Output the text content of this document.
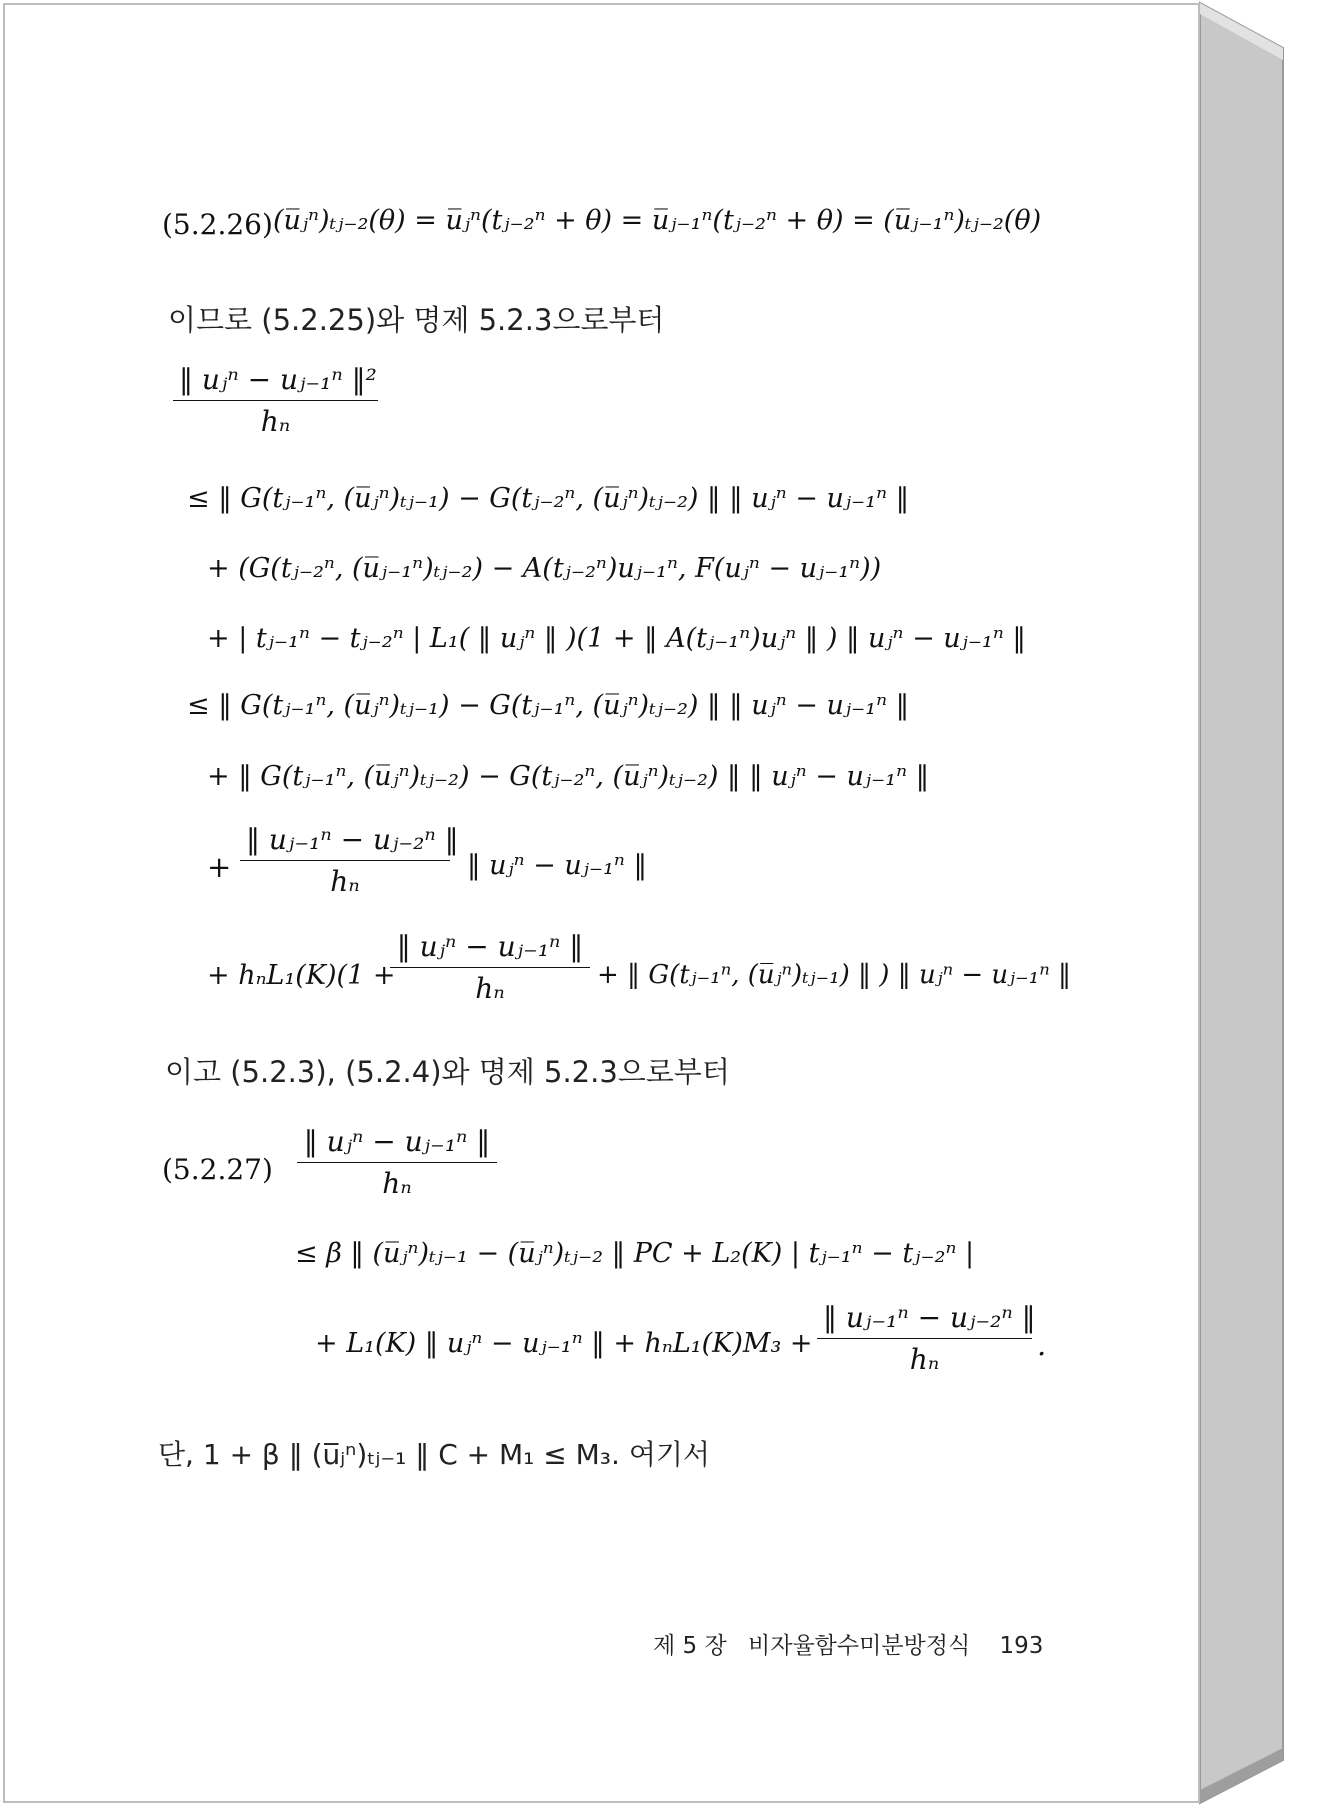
(5.2.26) (u̅ⱼⁿ)ₜⱼ₋₂(θ) = u̅ⱼⁿ(tⱼ₋₂ⁿ + θ) = u̅ⱼ₋₁ⁿ(tⱼ₋₂ⁿ + θ) = (u̅ⱼ₋₁ⁿ)ₜⱼ₋₂(θ)
이므로 (5.2.25)와 명제 5.2.3으로부터
‖ uⱼⁿ − uⱼ₋₁ⁿ ‖²
hₙ
≤ ‖ G(tⱼ₋₁ⁿ, (u̅ⱼⁿ)ₜⱼ₋₁) − G(tⱼ₋₂ⁿ, (u̅ⱼⁿ)ₜⱼ₋₂) ‖ ‖ uⱼⁿ − uⱼ₋₁ⁿ ‖
+ (G(tⱼ₋₂ⁿ, (u̅ⱼ₋₁ⁿ)ₜⱼ₋₂) − A(tⱼ₋₂ⁿ)uⱼ₋₁ⁿ, F(uⱼⁿ − uⱼ₋₁ⁿ))
+ | tⱼ₋₁ⁿ − tⱼ₋₂ⁿ | L₁( ‖ uⱼⁿ ‖ )(1 + ‖ A(tⱼ₋₁ⁿ)uⱼⁿ ‖ ) ‖ uⱼⁿ − uⱼ₋₁ⁿ ‖
≤ ‖ G(tⱼ₋₁ⁿ, (u̅ⱼⁿ)ₜⱼ₋₁) − G(tⱼ₋₁ⁿ, (u̅ⱼⁿ)ₜⱼ₋₂) ‖ ‖ uⱼⁿ − uⱼ₋₁ⁿ ‖
+ ‖ G(tⱼ₋₁ⁿ, (u̅ⱼⁿ)ₜⱼ₋₂) − G(tⱼ₋₂ⁿ, (u̅ⱼⁿ)ₜⱼ₋₂) ‖ ‖ uⱼⁿ − uⱼ₋₁ⁿ ‖
+
‖ uⱼ₋₁ⁿ − uⱼ₋₂ⁿ ‖
hₙ	‖ uⱼⁿ − uⱼ₋₁ⁿ ‖
+ hₙL₁(K)(1 +
‖ uⱼⁿ − uⱼ₋₁ⁿ ‖
hₙ	+ ‖ G(tⱼ₋₁ⁿ, (u̅ⱼⁿ)ₜⱼ₋₁) ‖ ) ‖ uⱼⁿ − uⱼ₋₁ⁿ ‖
이고 (5.2.3), (5.2.4)와 명제 5.2.3으로부터
(5.2.27)
‖ uⱼⁿ − uⱼ₋₁ⁿ ‖
hₙ
≤ β ‖ (u̅ⱼⁿ)ₜⱼ₋₁ − (u̅ⱼⁿ)ₜⱼ₋₂ ‖ PC + L₂(K) | tⱼ₋₁ⁿ − tⱼ₋₂ⁿ |
+ L₁(K) ‖ uⱼⁿ − uⱼ₋₁ⁿ ‖ + hₙL₁(K)M₃ +
‖ uⱼ₋₁ⁿ − uⱼ₋₂ⁿ ‖
hₙ	.
단, 1 + β ‖ (u̅ⱼⁿ)ₜⱼ₋₁ ‖ C + M₁ ≤ M₃. 여기서
제 5 장 비자율함수미분방정식 193
